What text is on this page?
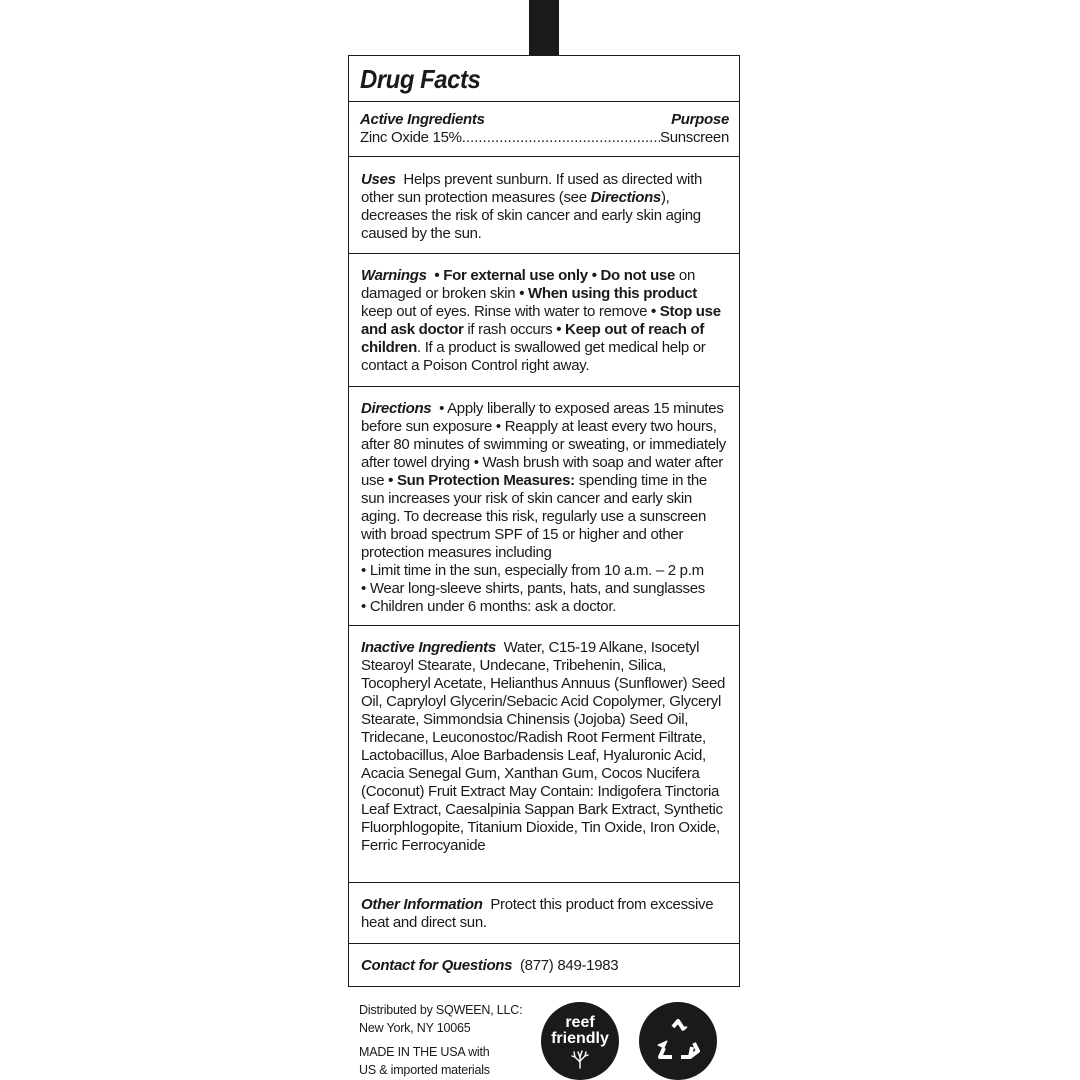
Drug Facts
Active Ingredients	Purpose
Zinc Oxide 15%
.....	Sunscreen
Uses Helps prevent sunburn. If used as directed with other sun protection measures (see Directions), decreases the risk of skin cancer and early skin aging caused by the sun.
Warnings • For external use only • Do not use on damaged or broken skin • When using this product keep out of eyes. Rinse with water to remove • Stop use and ask doctor if rash occurs • Keep out of reach of children. If a product is swallowed get medical help or contact a Poison Control right away.
Directions • Apply liberally to exposed areas 15 minutes before sun exposure • Reapply at least every two hours, after 80 minutes of swimming or sweating, or immediately after towel drying • Wash brush with soap and water after use • Sun Protection Measures: spending time in the sun increases your risk of skin cancer and early skin aging. To decrease this risk, regularly use a sunscreen with broad spectrum SPF of 15 or higher and other protection measures including
• Limit time in the sun, especially from 10 a.m. – 2 p.m
• Wear long-sleeve shirts, pants, hats, and sunglasses
• Children under 6 months: ask a doctor.
Inactive Ingredients Water, C15-19 Alkane, Isocetyl Stearoyl Stearate, Undecane, Tribehenin, Silica, Tocopheryl Acetate, Helianthus Annuus (Sunflower) Seed Oil, Capryloyl Glycerin/Sebacic Acid Copolymer, Glyceryl Stearate, Simmondsia Chinensis (Jojoba) Seed Oil, Tridecane, Leuconostoc/Radish Root Ferment Filtrate, Lactobacillus, Aloe Barbadensis Leaf, Hyaluronic Acid, Acacia Senegal Gum, Xanthan Gum, Cocos Nucifera (Coconut) Fruit Extract May Contain: Indigofera Tinctoria Leaf Extract, Caesalpinia Sappan Bark Extract, Synthetic Fluorphlogopite, Titanium Dioxide, Tin Oxide, Iron Oxide, Ferric Ferrocyanide
Other Information Protect this product from excessive heat and direct sun.
Contact for Questions (877) 849-1983
Distributed by SQWEEN, LLC:
New York, NY 10065
MADE IN THE USA with
US & imported materials
reef
friendly
